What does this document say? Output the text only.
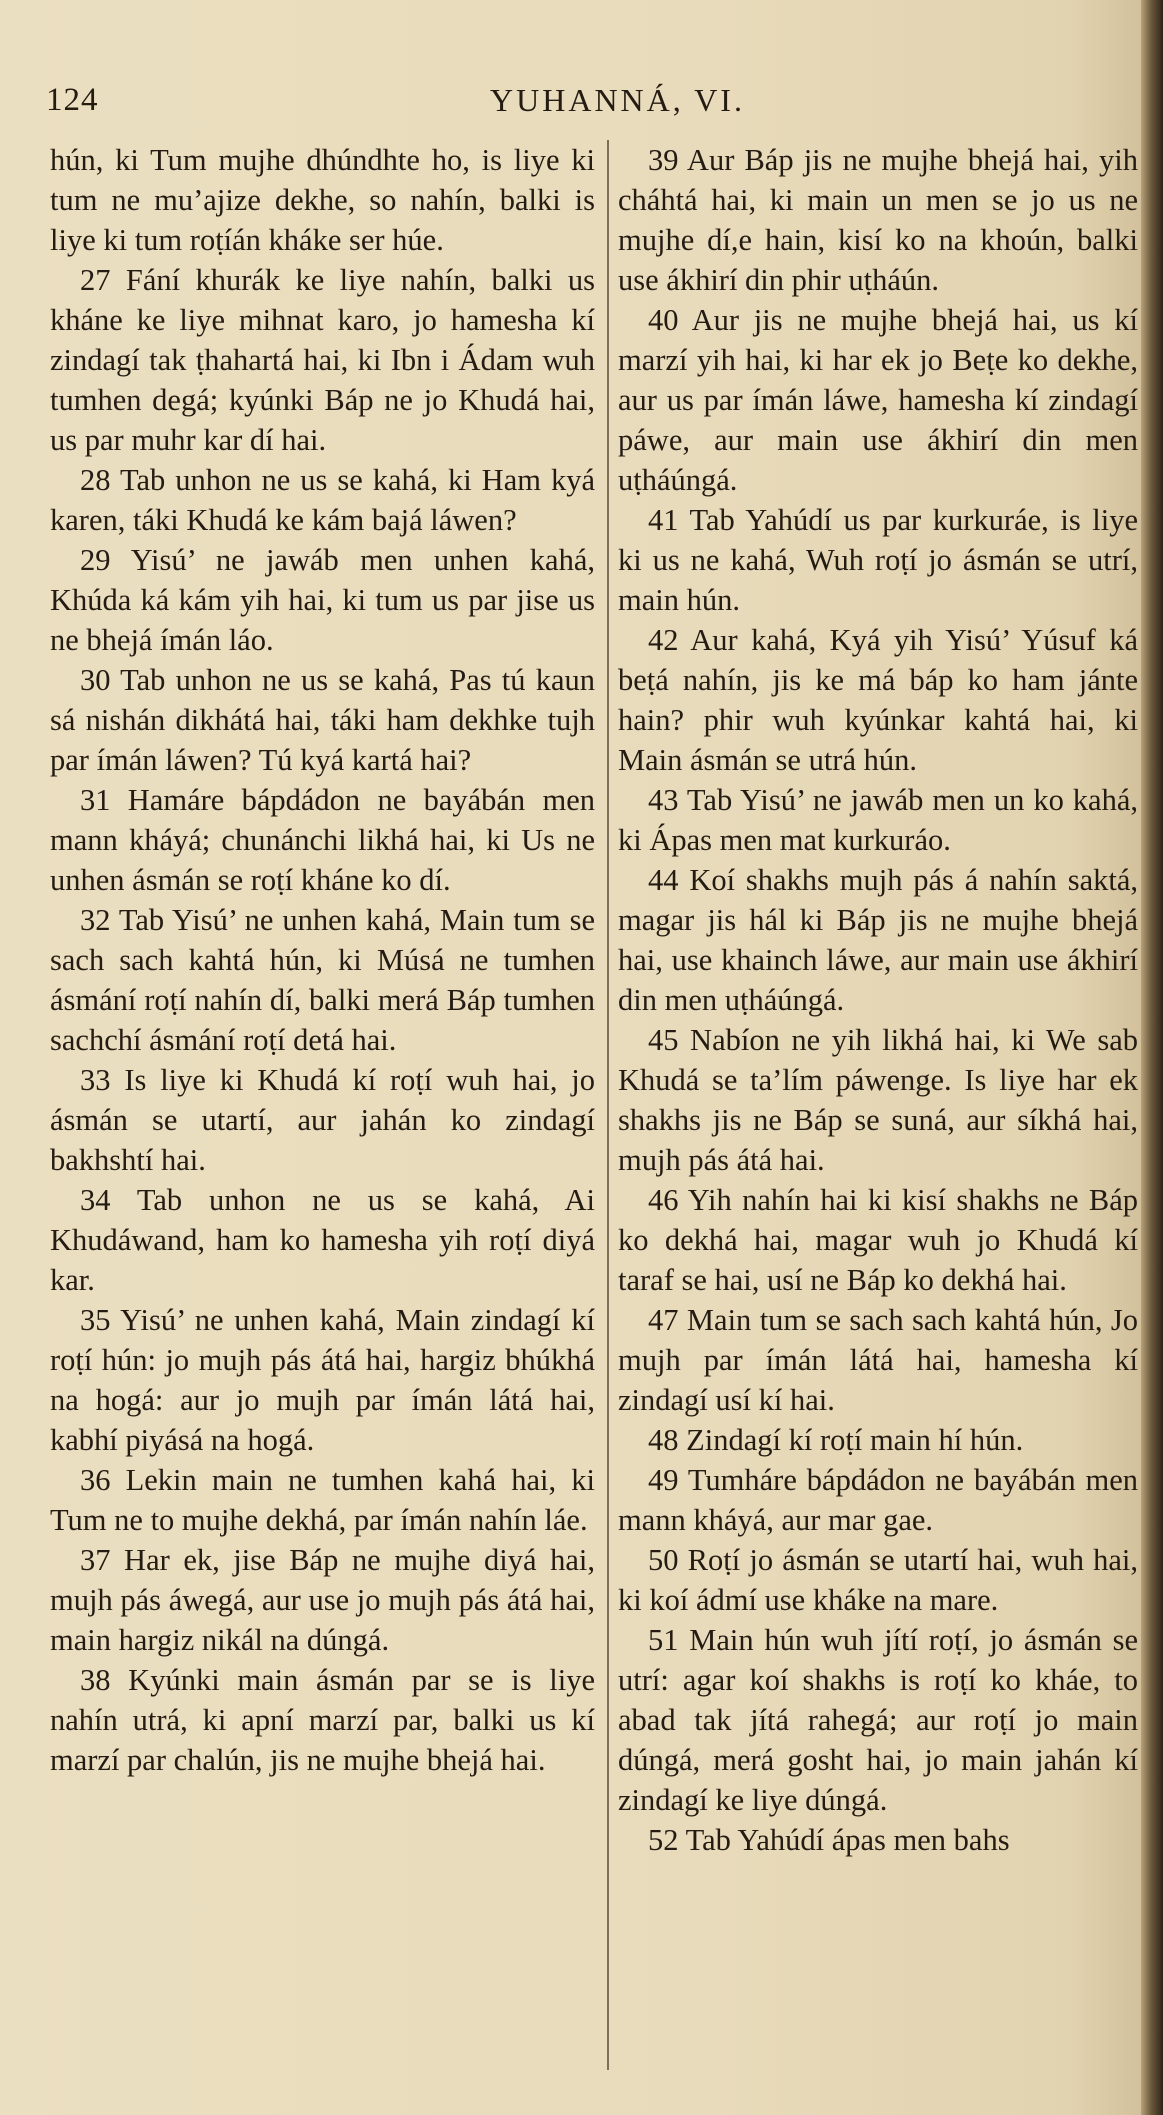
124	YUHANNÁ, VI.

hún, ki Tum mujhe dhúndhte ho, is liye ki tum ne mu’ajize dekhe, so nahín, balki is liye ki tum roṭíán kháke ser húe.

27 Fání khurák ke liye nahín, balki us kháne ke liye mihnat karo, jo hamesha kí zindagí tak ṭhahartá hai, ki Ibn i Ádam wuh tumhen degá; kyúnki Báp ne jo Khudá hai, us par muhr kar dí hai.

28 Tab unhon ne us se kahá, ki Ham kyá karen, táki Khudá ke kám bajá láwen?

29 Yisú’ ne jawáb men unhen kahá, Khúda ká kám yih hai, ki tum us par jise us ne bhejá ímán láo.

30 Tab unhon ne us se kahá, Pas tú kaun sá nishán dikhátá hai, táki ham dekhke tujh par ímán láwen? Tú kyá kartá hai?

31 Hamáre bápdádon ne bayábán men mann kháyá; chunánchi likhá hai, ki Us ne unhen ásmán se roṭí kháne ko dí.

32 Tab Yisú’ ne unhen kahá, Main tum se sach sach kahtá hún, ki Músá ne tumhen ásmání roṭí nahín dí, balki merá Báp tumhen sachchí ásmání roṭí detá hai.

33 Is liye ki Khudá kí roṭí wuh hai, jo ásmán se utartí, aur jahán ko zindagí bakhshtí hai.

34 Tab unhon ne us se kahá, Ai Khudáwand, ham ko hamesha yih roṭí diyá kar.

35 Yisú’ ne unhen kahá, Main zindagí kí roṭí hún: jo mujh pás átá hai, hargiz bhúkhá na hogá: aur jo mujh par ímán látá hai, kabhí piyásá na hogá.

36 Lekin main ne tumhen kahá hai, ki Tum ne to mujhe dekhá, par ímán nahín láe.

37 Har ek, jise Báp ne mujhe diyá hai, mujh pás áwegá, aur use jo mujh pás átá hai, main hargiz nikál na dúngá.

38 Kyúnki main ásmán par se is liye nahín utrá, ki apní marzí par, balki us kí marzí par chalún, jis ne mujhe bhejá hai.

39 Aur Báp jis ne mujhe bhejá hai, yih cháhtá hai, ki main un men se jo us ne mujhe dí,e hain, kisí ko na khoún, balki use ákhirí din phir uṭháún.

40 Aur jis ne mujhe bhejá hai, us kí marzí yih hai, ki har ek jo Beṭe ko dekhe, aur us par ímán láwe, hamesha kí zindagí páwe, aur main use ákhirí din men uṭháúngá.

41 Tab Yahúdí us par kurkuráe, is liye ki us ne kahá, Wuh roṭí jo ásmán se utrí, main hún.

42 Aur kahá, Kyá yih Yisú’ Yúsuf ká beṭá nahín, jis ke má báp ko ham jánte hain? phir wuh kyúnkar kahtá hai, ki Main ásmán se utrá hún.

43 Tab Yisú’ ne jawáb men un ko kahá, ki Ápas men mat kurkuráo.

44 Koí shakhs mujh pás á nahín saktá, magar jis hál ki Báp jis ne mujhe bhejá hai, use khainch láwe, aur main use ákhirí din men uṭháúngá.

45 Nabíon ne yih likhá hai, ki We sab Khudá se ta’lím páwenge. Is liye har ek shakhs jis ne Báp se suná, aur síkhá hai, mujh pás átá hai.

46 Yih nahín hai ki kisí shakhs ne Báp ko dekhá hai, magar wuh jo Khudá kí taraf se hai, usí ne Báp ko dekhá hai.

47 Main tum se sach sach kahtá hún, Jo mujh par ímán látá hai, hamesha kí zindagí usí kí hai.

48 Zindagí kí roṭí main hí hún.

49 Tumháre bápdádon ne bayábán men mann kháyá, aur mar gae.

50 Roṭí jo ásmán se utartí hai, wuh hai, ki koí ádmí use kháke na mare.

51 Main hún wuh jítí roṭí, jo ásmán se utrí: agar koí shakhs is roṭí ko kháe, to abad tak jítá rahegá; aur roṭí jo main dúngá, merá gosht hai, jo main jahán kí zindagí ke liye dúngá.

52 Tab Yahúdí ápas men bahs
